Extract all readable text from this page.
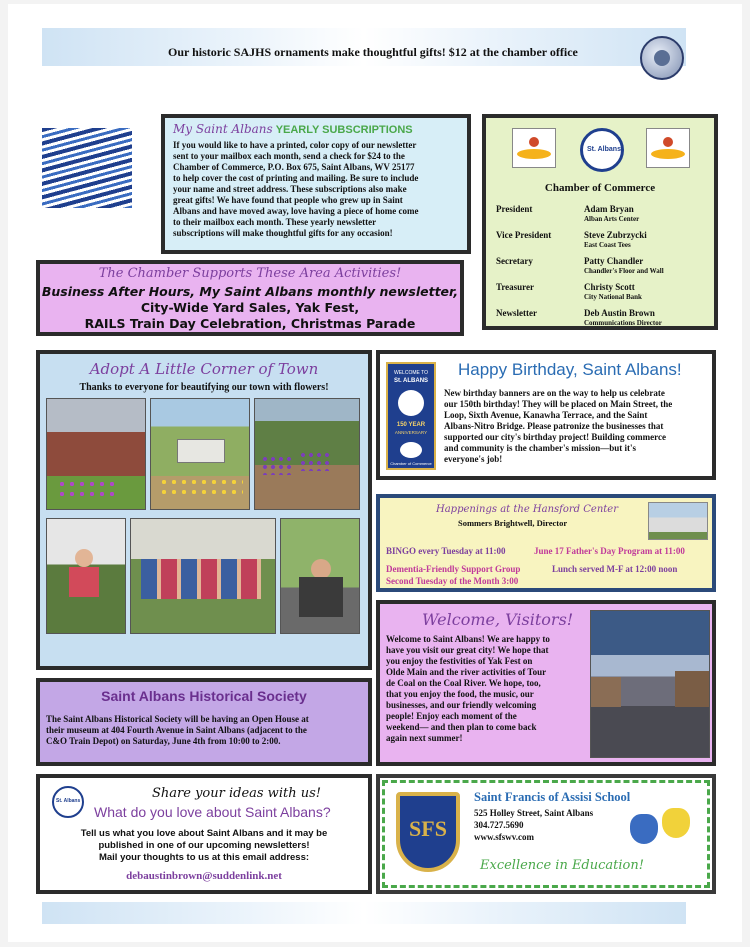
Our historic SAJHS ornaments make thoughtful gifts! $12 at the chamber office
My Saint Albans YEARLY SUBSCRIPTIONS
If you would like to have a printed, color copy of our newsletter
sent to your mailbox each month, send a check for $24 to the
Chamber of Commerce, P.O. Box 675, Saint Albans, WV 25177
to help cover the cost of printing and mailing. Be sure to include
your name and street address. These subscriptions also make
great gifts! We have found that people who grew up in Saint
Albans and have moved away, love having a piece of home come
to their mailbox each month. These yearly newsletter
subscriptions will make thoughtful gifts for any occasion!
St. Albans
Chamber of Commerce
President	Adam Bryan
Alban Arts Center
Vice President	Steve Zubrzycki
East Coast Tees
Secretary	Patty Chandler
Chandler's Floor and Wall
Treasurer	Christy Scott
City National Bank
Newsletter	Deb Austin Brown
Communications Director
The Chamber Supports These Area Activities!
Business After Hours, My Saint Albans monthly newsletter,
City-Wide Yard Sales, Yak Fest,
RAILS Train Day Celebration, Christmas Parade
Adopt A Little Corner of Town
Thanks to everyone for beautifying our town with flowers!
WELCOME TO
St. ALBANS
150 YEAR
ANNIVERSARY
Chamber of Commerce
Happy Birthday, Saint Albans!
New birthday banners are on the way to help us celebrate
our 150th birthday! They will be placed on Main Street, the
Loop, Sixth Avenue, Kanawha Terrace, and the Saint
Albans-Nitro Bridge. Please patronize the businesses that
supported our city's birthday project! Building commerce
and community is the chamber's mission—but it's
everyone's job!
Happenings at the Hansford Center
Sommers Brightwell, Director
BINGO every Tuesday at 11:00	June 17 Father's Day Program at 11:00
Dementia-Friendly Support Group	Lunch served M-F at 12:00 noon
Second Tuesday of the Month 3:00
Saint Albans Historical Society
The Saint Albans Historical Society will be having an Open House at
their museum at 404 Fourth Avenue in Saint Albans (adjacent to the
C&O Train Depot) on Saturday, June 4th from 10:00 to 2:00.
Welcome, Visitors!
Welcome to Saint Albans! We are happy to
have you visit our great city! We hope that
you enjoy the festivities of Yak Fest on
Olde Main and the river activities of Tour
de Coal on the Coal River. We hope, too,
that you enjoy the food, the music, our
businesses, and our friendly welcoming
people! Enjoy each moment of the
weekend— and then plan to come back
again next summer!
St. Albans	Share your ideas with us!
What do you love about Saint Albans?
Tell us what you love about Saint Albans and it may be
published in one of our upcoming newsletters!
Mail your thoughts to us at this email address:
debaustinbrown@suddenlink.net
SFS
Saint Francis of Assisi School
525 Holley Street, Saint Albans
304.727.5690
www.sfswv.com
Excellence in Education!
